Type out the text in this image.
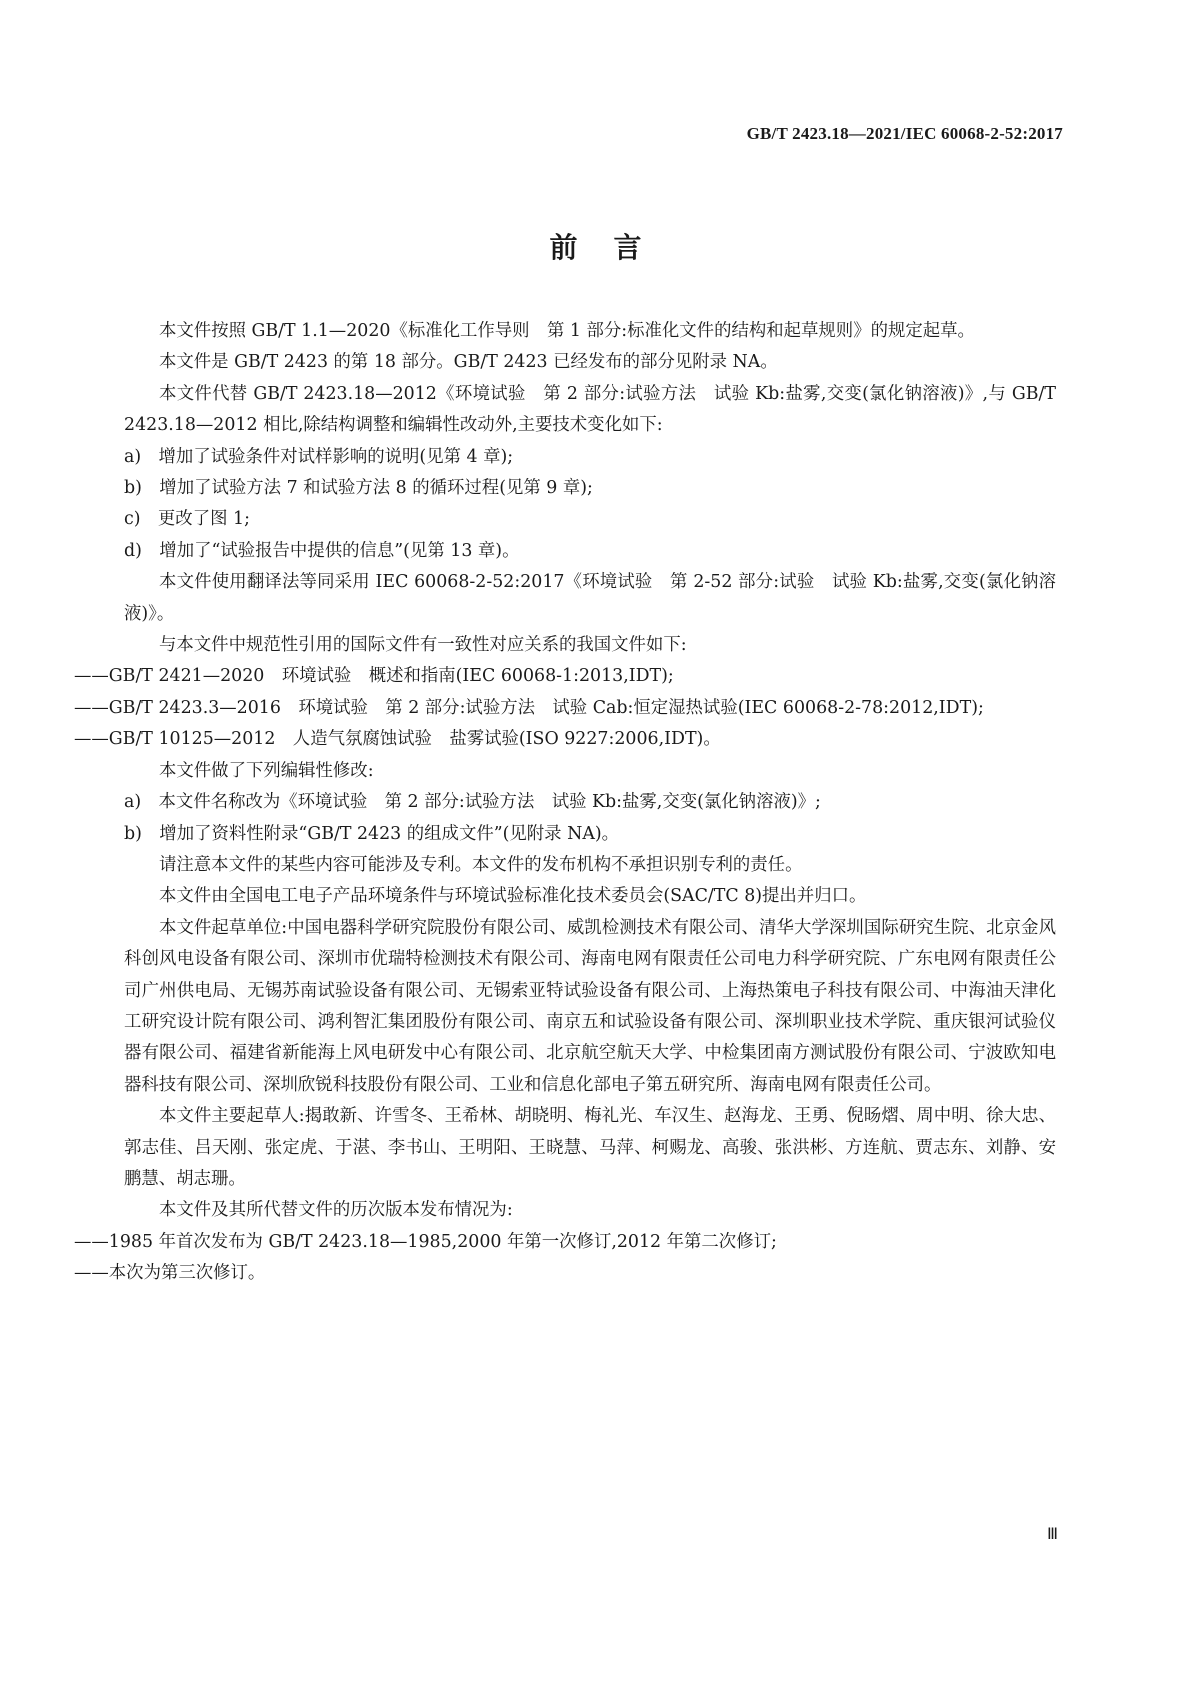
GB/T 2423.18—2021/IEC 60068-2-52:2017
前言

本文件按照 GB/T 1.1—2020《标准化工作导则　第 1 部分:标准化文件的结构和起草规则》的规定起草。

本文件是 GB/T 2423 的第 18 部分。GB/T 2423 已经发布的部分见附录 NA。

本文件代替 GB/T 2423.18—2012《环境试验　第 2 部分:试验方法　试验 Kb:盐雾,交变(氯化钠溶液)》,与 GB/T 2423.18—2012 相比,除结构调整和编辑性改动外,主要技术变化如下:

a)　增加了试验条件对试样影响的说明(见第 4 章);

b)　增加了试验方法 7 和试验方法 8 的循环过程(见第 9 章);

c)　更改了图 1;

d)　增加了“试验报告中提供的信息”(见第 13 章)。

本文件使用翻译法等同采用 IEC 60068-2-52:2017《环境试验　第 2-52 部分:试验　试验 Kb:盐雾,交变(氯化钠溶液)》。

与本文件中规范性引用的国际文件有一致性对应关系的我国文件如下:

——GB/T 2421—2020　环境试验　概述和指南(IEC 60068-1:2013,IDT);

——GB/T 2423.3—2016　环境试验　第 2 部分:试验方法　试验 Cab:恒定湿热试验(IEC 60068-2-78:2012,IDT);

——GB/T 10125—2012　人造气氛腐蚀试验　盐雾试验(ISO 9227:2006,IDT)。

本文件做了下列编辑性修改:

a)　本文件名称改为《环境试验　第 2 部分:试验方法　试验 Kb:盐雾,交变(氯化钠溶液)》;

b)　增加了资料性附录“GB/T 2423 的组成文件”(见附录 NA)。

请注意本文件的某些内容可能涉及专利。本文件的发布机构不承担识别专利的责任。

本文件由全国电工电子产品环境条件与环境试验标准化技术委员会(SAC/TC 8)提出并归口。

本文件起草单位:中国电器科学研究院股份有限公司、威凯检测技术有限公司、清华大学深圳国际研究生院、北京金风科创风电设备有限公司、深圳市优瑞特检测技术有限公司、海南电网有限责任公司电力科学研究院、广东电网有限责任公司广州供电局、无锡苏南试验设备有限公司、无锡索亚特试验设备有限公司、上海热策电子科技有限公司、中海油天津化工研究设计院有限公司、鸿利智汇集团股份有限公司、南京五和试验设备有限公司、深圳职业技术学院、重庆银河试验仪器有限公司、福建省新能海上风电研发中心有限公司、北京航空航天大学、中检集团南方测试股份有限公司、宁波欧知电器科技有限公司、深圳欣锐科技股份有限公司、工业和信息化部电子第五研究所、海南电网有限责任公司。

本文件主要起草人:揭敢新、许雪冬、王希林、胡晓明、梅礼光、车汉生、赵海龙、王勇、倪旸熠、周中明、徐大忠、郭志佳、吕天刚、张定虎、于湛、李书山、王明阳、王晓慧、马萍、柯赐龙、高骏、张洪彬、方连航、贾志东、刘静、安鹏慧、胡志珊。

本文件及其所代替文件的历次版本发布情况为:

——1985 年首次发布为 GB/T 2423.18—1985,2000 年第一次修订,2012 年第二次修订;

——本次为第三次修订。

Ⅲ
